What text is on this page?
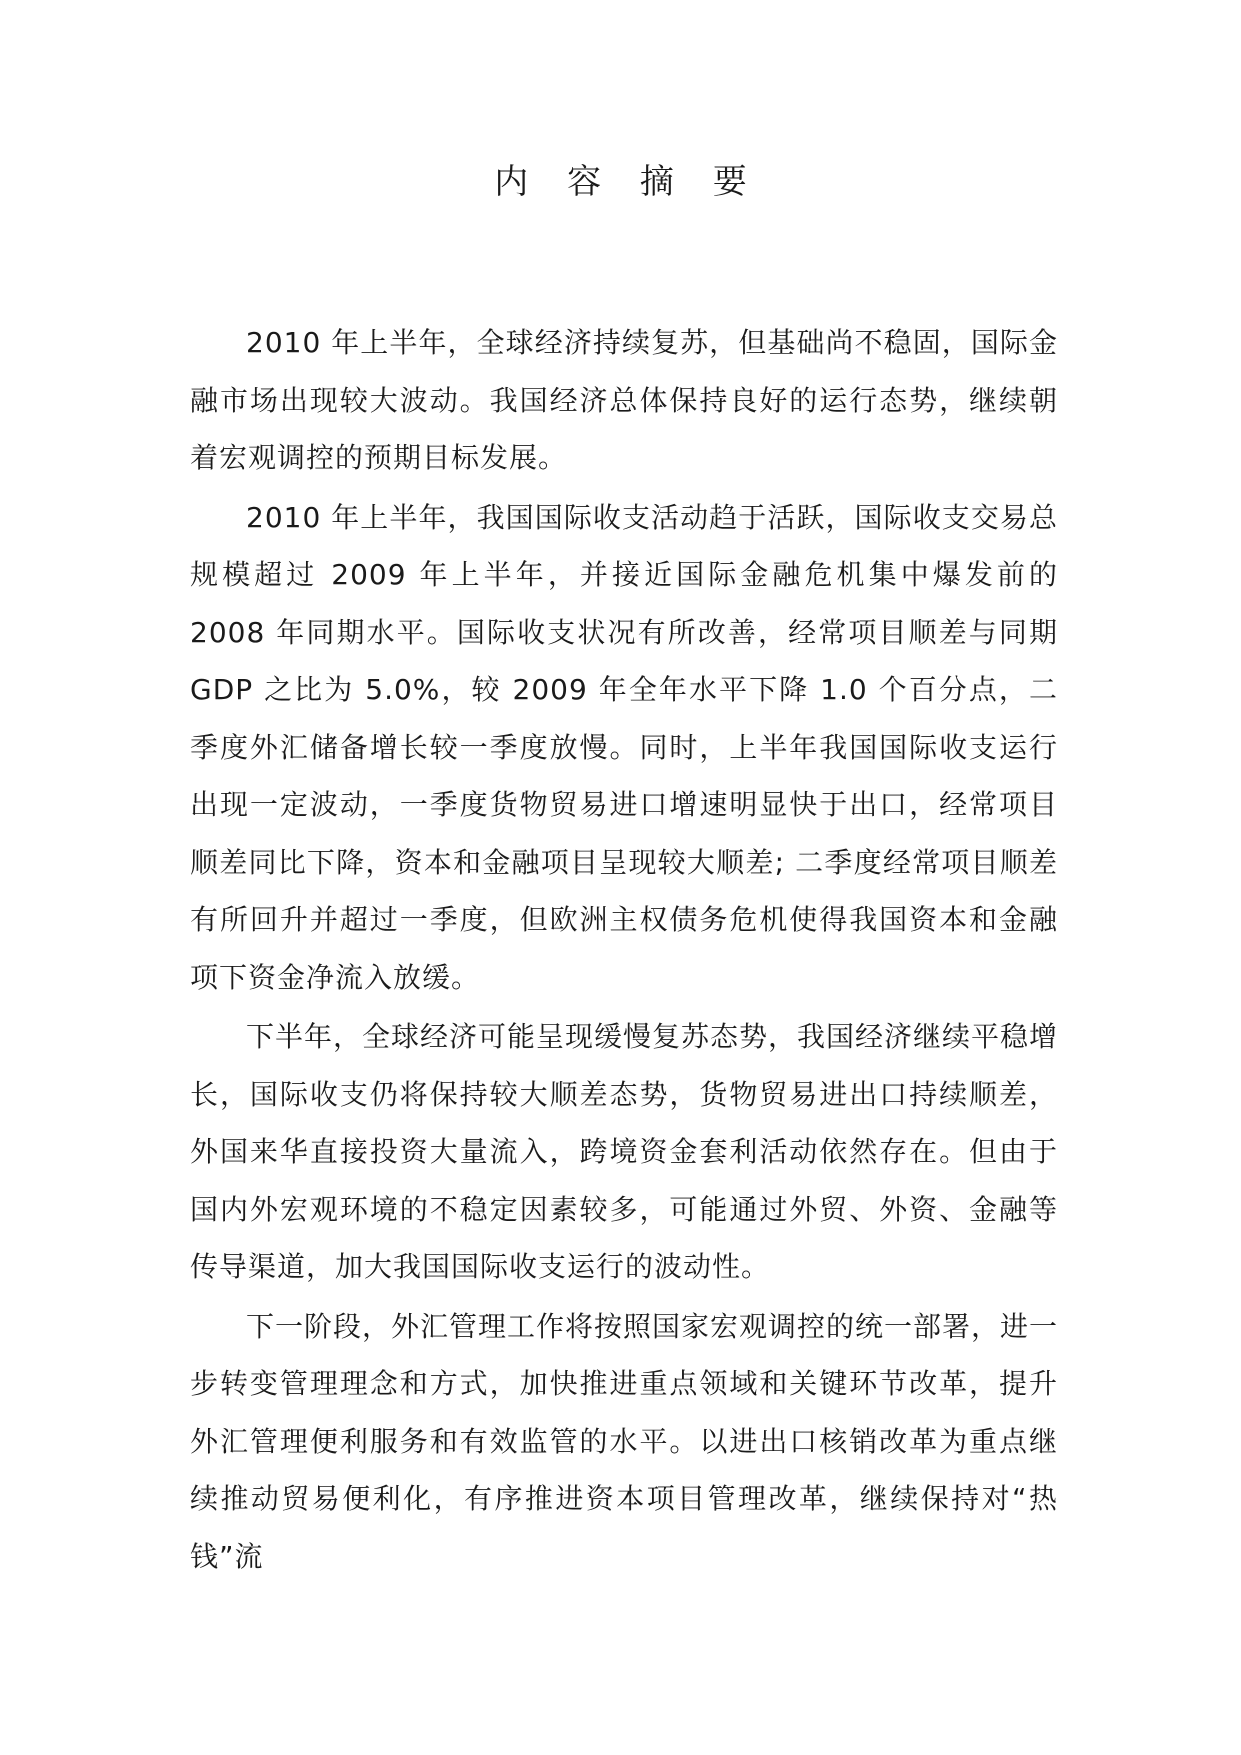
内 容 摘 要

2010 年上半年，全球经济持续复苏，但基础尚不稳固，国际金融市场出现较大波动。我国经济总体保持良好的运行态势，继续朝着宏观调控的预期目标发展。

2010 年上半年，我国国际收支活动趋于活跃，国际收支交易总规模超过 2009 年上半年，并接近国际金融危机集中爆发前的 2008 年同期水平。国际收支状况有所改善，经常项目顺差与同期 GDP 之比为 5.0%，较 2009 年全年水平下降 1.0 个百分点，二季度外汇储备增长较一季度放慢。同时，上半年我国国际收支运行出现一定波动，一季度货物贸易进口增速明显快于出口，经常项目顺差同比下降，资本和金融项目呈现较大顺差; 二季度经常项目顺差有所回升并超过一季度，但欧洲主权债务危机使得我国资本和金融项下资金净流入放缓。

下半年，全球经济可能呈现缓慢复苏态势，我国经济继续平稳增长，国际收支仍将保持较大顺差态势，货物贸易进出口持续顺差，外国来华直接投资大量流入，跨境资金套利活动依然存在。但由于国内外宏观环境的不稳定因素较多，可能通过外贸、外资、金融等传导渠道，加大我国国际收支运行的波动性。

下一阶段，外汇管理工作将按照国家宏观调控的统一部署，进一步转变管理理念和方式，加快推进重点领域和关键环节改革，提升外汇管理便利服务和有效监管的水平。以进出口核销改革为重点继续推动贸易便利化，有序推进资本项目管理改革，继续保持对“热钱”流
